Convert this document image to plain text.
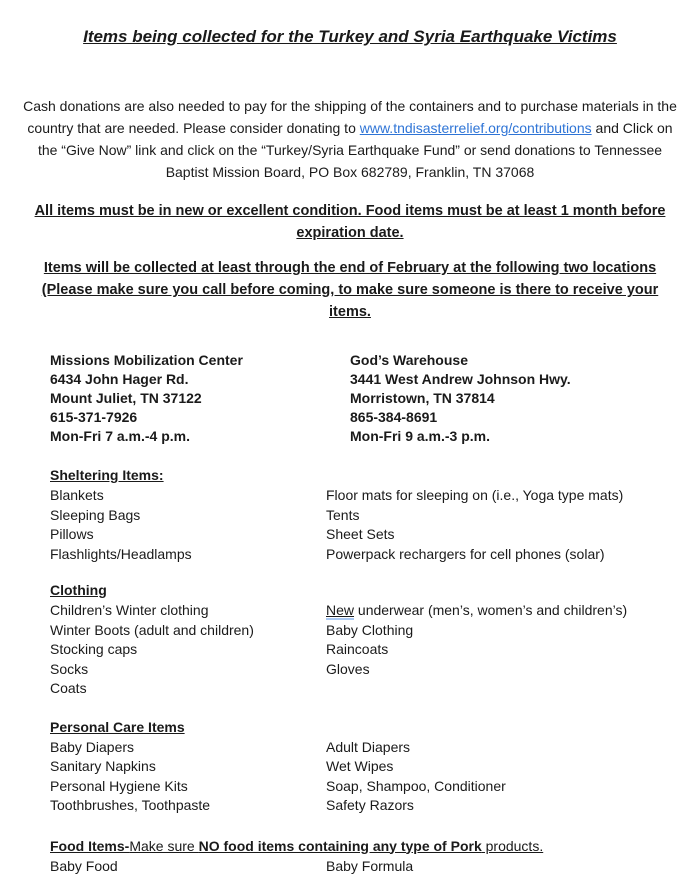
Items being collected for the Turkey and Syria Earthquake Victims

Cash donations are also needed to pay for the shipping of the containers and to purchase materials in the country that are needed. Please consider donating to www.tndisasterrelief.org/contributions and Click on the “Give Now” link and click on the “Turkey/Syria Earthquake Fund” or send donations to Tennessee Baptist Mission Board, PO Box 682789, Franklin, TN 37068

All items must be in new or excellent condition. Food items must be at least 1 month before expiration date.

Items will be collected at least through the end of February at the following two locations (Please make sure you call before coming, to make sure someone is there to receive your items.

Missions Mobilization Center
6434 John Hager Rd.
Mount Juliet, TN 37122
615-371-7926
Mon-Fri 7 a.m.-4 p.m.
God’s Warehouse
3441 West Andrew Johnson Hwy.
Morristown, TN 37814
865-384-8691
Mon-Fri 9 a.m.-3 p.m.
Sheltering Items:
Blankets
Sleeping Bags
Pillows
Flashlights/Headlamps
Floor mats for sleeping on (i.e., Yoga type mats)
Tents
Sheet Sets
Powerpack rechargers for cell phones (solar)
Clothing
Children’s Winter clothing
Winter Boots (adult and children)
Stocking caps
Socks
Coats
New underwear (men’s, women’s and children’s)
Baby Clothing
Raincoats
Gloves
Personal Care Items
Baby Diapers
Sanitary Napkins
Personal Hygiene Kits
Toothbrushes, Toothpaste
Adult Diapers
Wet Wipes
Soap, Shampoo, Conditioner
Safety Razors
Food Items-Make sure NO food items containing any type of Pork products.
Baby Food	Baby Formula
